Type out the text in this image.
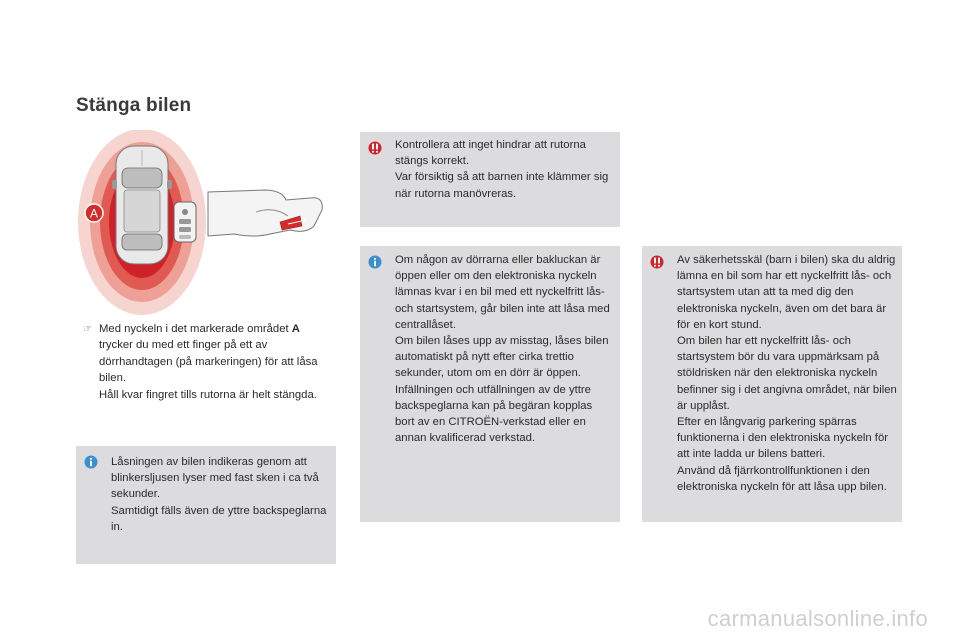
Stänga bilen
A
☞ Med nyckeln i det markerade området A
trycker du med ett finger på ett av dörrhandtagen (på markeringen) för att låsa bilen.
Håll kvar fingret tills rutorna är helt stängda.
Låsningen av bilen indikeras genom att blinkersljusen lyser med fast sken i ca två sekunder.
Samtidigt fälls även de yttre backspeglarna in.
Kontrollera att inget hindrar att rutorna stängs korrekt.
Var försiktig så att barnen inte klämmer sig när rutorna manövreras.
Om någon av dörrarna eller bakluckan är öppen eller om den elektroniska nyckeln lämnas kvar i en bil med ett nyckelfritt lås- och startsystem, går bilen inte att låsa med centrallåset.
Om bilen låses upp av misstag, låses bilen automatiskt på nytt efter cirka trettio sekunder, utom om en dörr är öppen.
Infällningen och utfällningen av de yttre backspeglarna kan på begäran kopplas bort av en CITROËN-verkstad eller en annan kvalificerad verkstad.
Av säkerhetsskäl (barn i bilen) ska du aldrig lämna en bil som har ett nyckelfritt lås- och startsystem utan att ta med dig den elektroniska nyckeln, även om det bara är för en kort stund.
Om bilen har ett nyckelfritt lås- och startsystem bör du vara uppmärksam på stöldrisken när den elektroniska nyckeln befinner sig i det angivna området, när bilen är upplåst.
Efter en långvarig parkering spärras funktionerna i den elektroniska nyckeln för att inte ladda ur bilens batteri.
Använd då fjärrkontrollfunktionen i den elektroniska nyckeln för att låsa upp bilen.
carmanualsonline.info
